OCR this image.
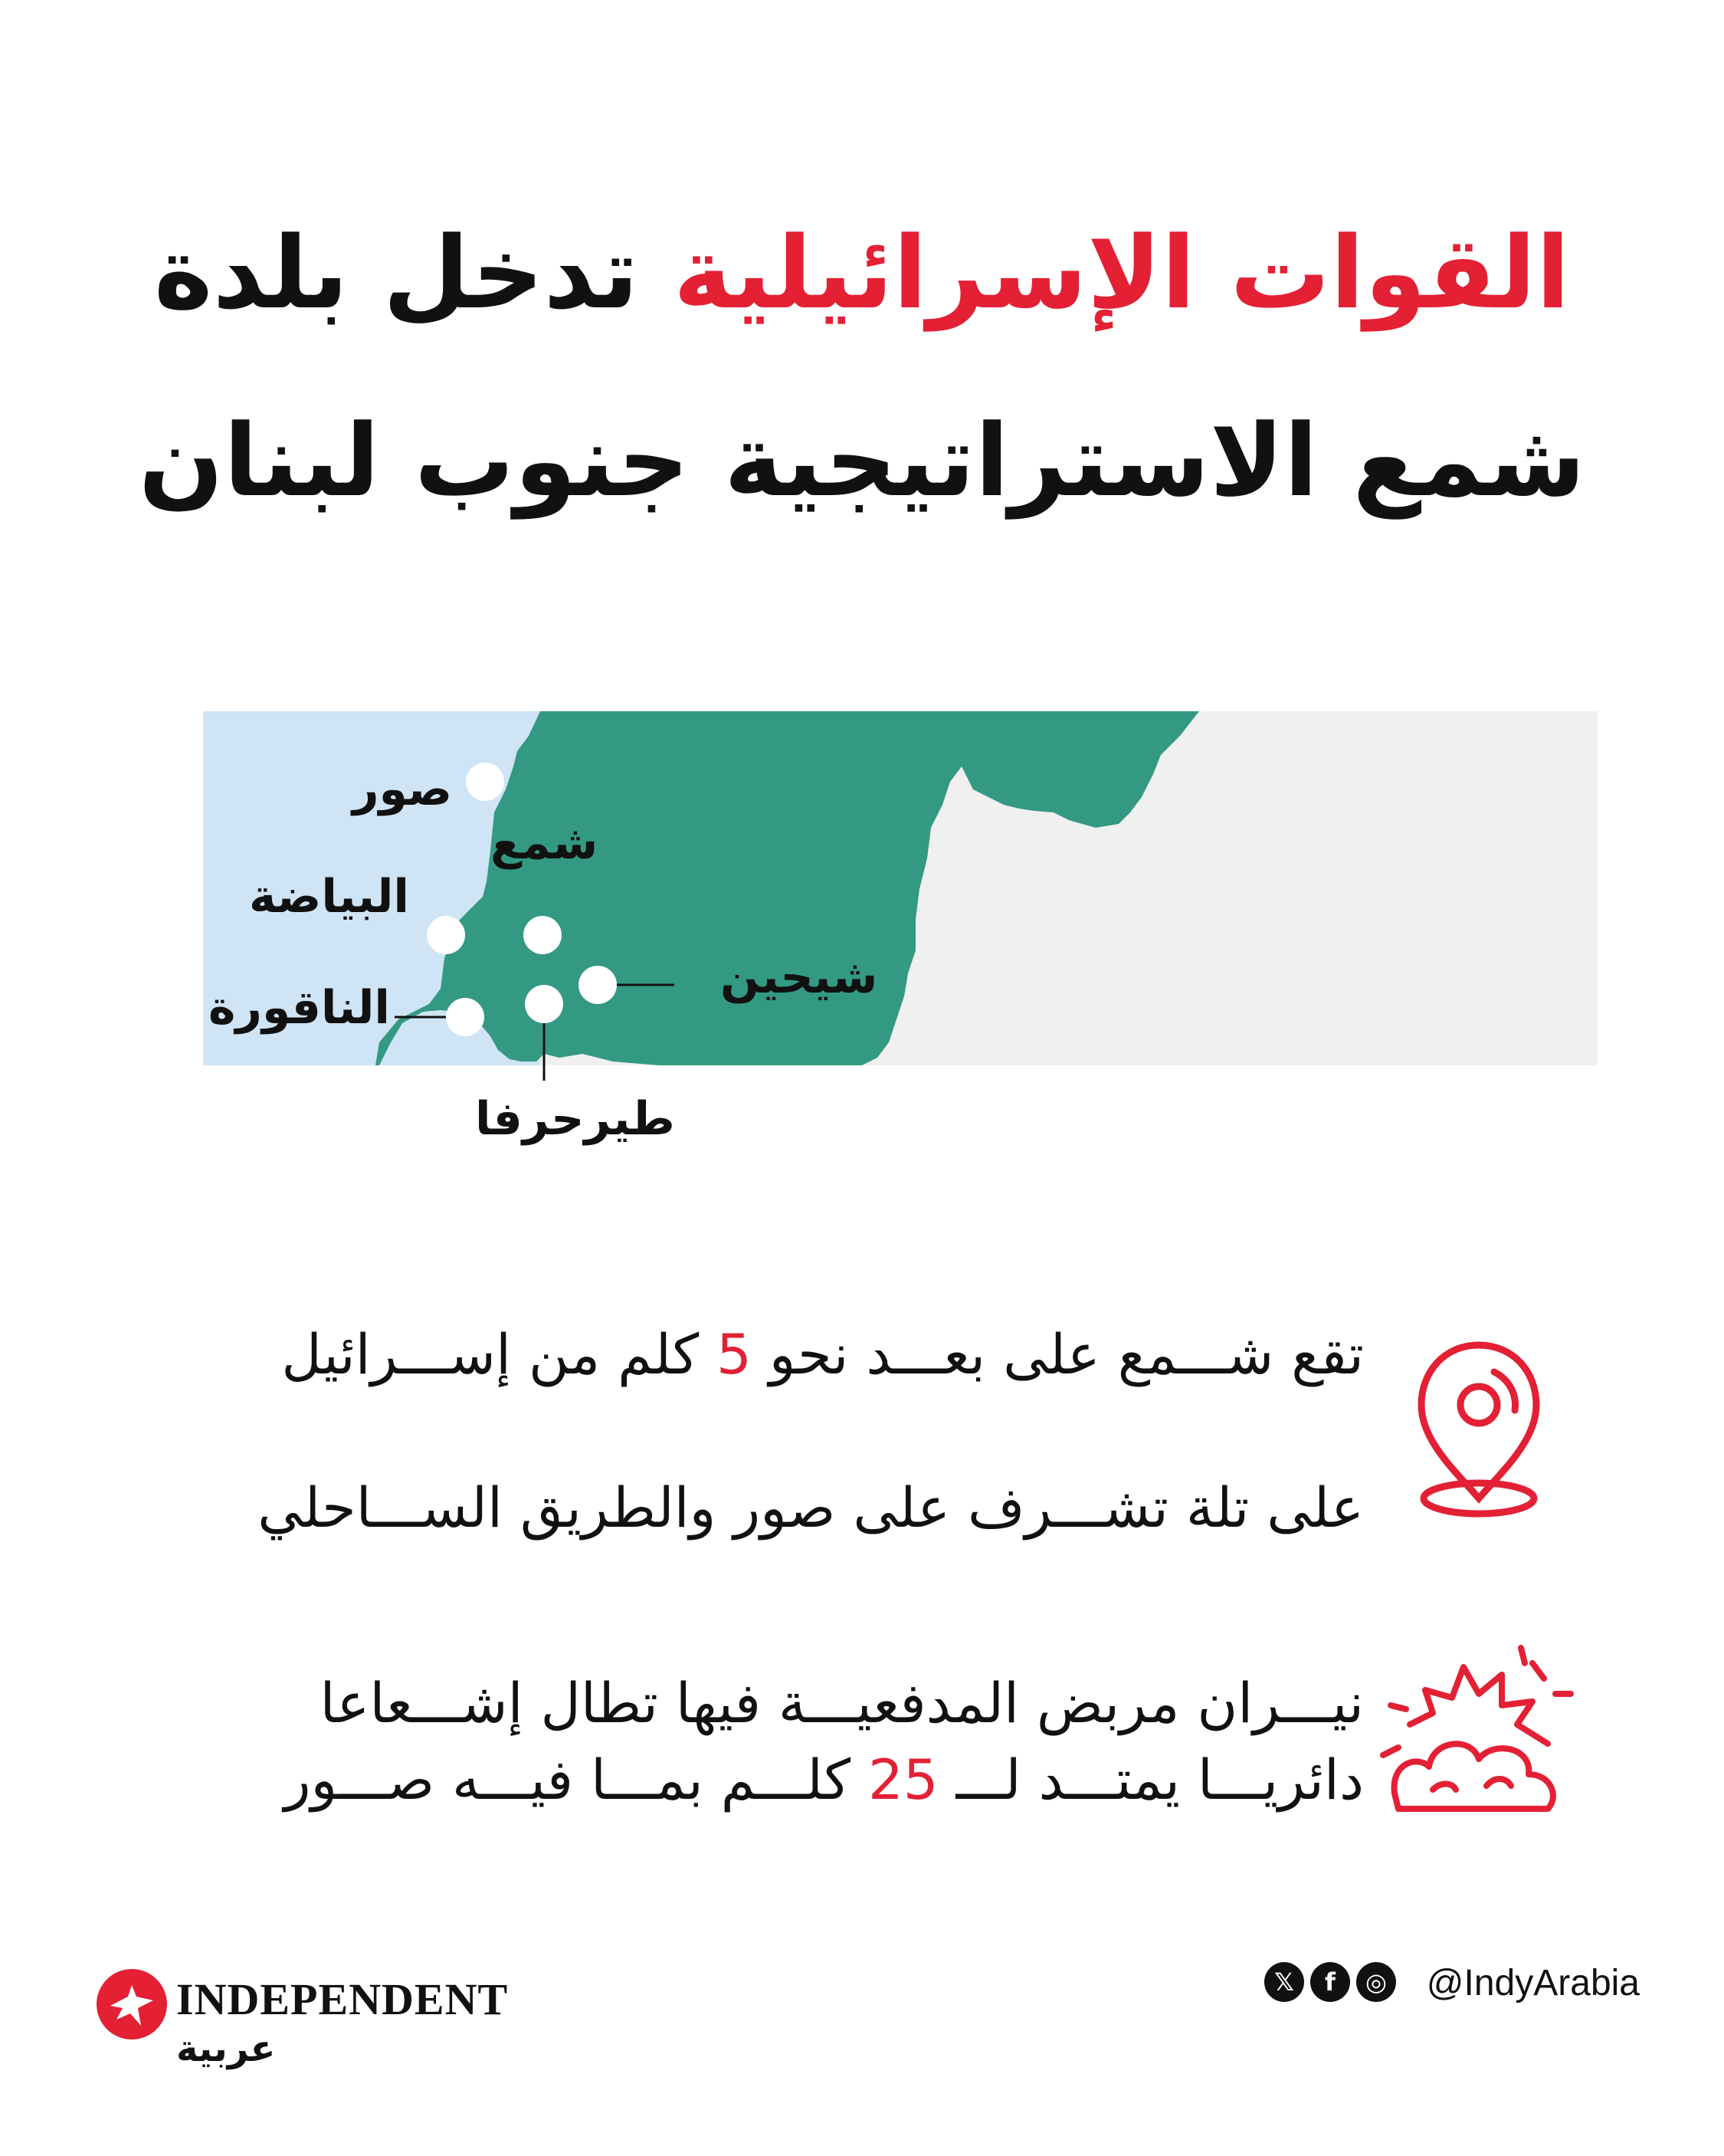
القوات الإسرائيلية تدخل بلدة
شمع الاستراتيجية جنوب لبنان
صور
شمع
البياضة
الناقورة
شيحين
طيرحرفا
تقع شـــمع على بعـــد نحو 5 كلم من إســـرائيل
على تلة تشـــرف على صور والطريق الســـاحلي
نيـــران مربض المدفعيـــة فيها تطال إشـــعاعا
دائريـــا يمتـــد لـــ 25 كلـــم بمـــا فيـــه صـــور
INDEPENDENT
عربية
𝕏	f	◎ @IndyArabia
